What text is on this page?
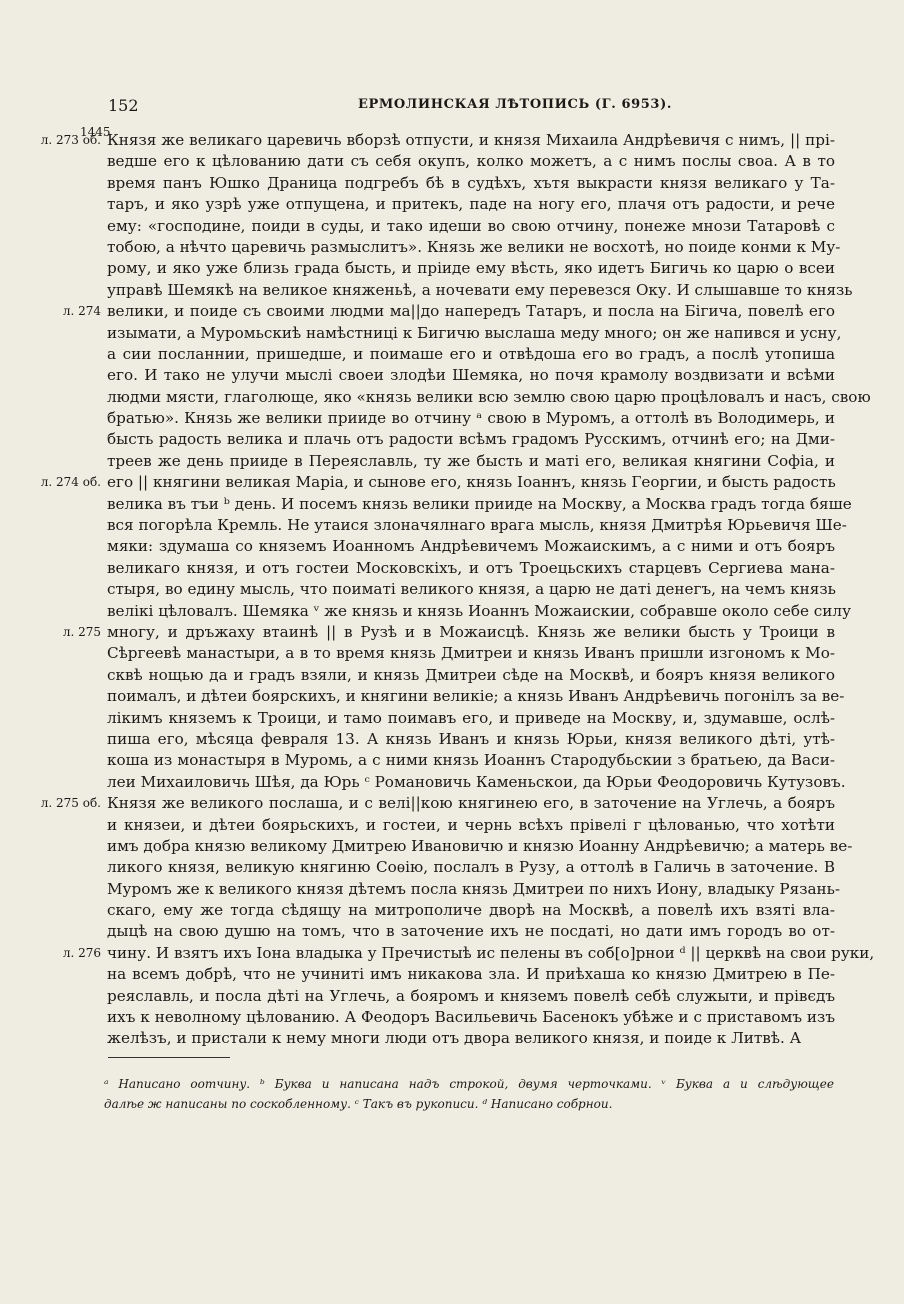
152	ЕРМОЛИНСКАЯ ЛѢТОПИСЬ (Г. 6953).
1445
л. 273 об. Князя же великаго царевичь вборзѣ отпусти, и князя Михаила Андрѣевичя с нимъ, || прі-
ведше его к цѣлованию дати съ себя окупъ, колко можетъ, а с нимъ послы своа. А в то
время панъ Юшко Драница подгребъ бѣ в судѣхъ, хътя выкрасти князя великаго у Та-
таръ, и яко узрѣ уже отпущена, и притекъ, паде на ногу его, плачя отъ радости, и рече
ему: «господине, поиди в суды, и тако идеши во свою отчину, понеже мнози Татаровѣ с
тобою, а нѣчто царевичь размыслитъ». Князь же велики не восхотѣ, но поиде конми к Му-
рому, и яко уже близь града бысть, и пріиде ему вѣсть, яко идетъ Бигичь ко царю о всеи
управѣ Шемякѣ на великое княженьѣ, а ночевати ему перевезся Оку. И слышавше то князь
л. 274 велики, и поиде съ своими людми ма||до напередъ Татаръ, и посла на Бігича, повелѣ его
изымати, а Муромьскиѣ намѣстниці к Бигичю выслаша меду много; он же напився и усну,
а сии посланнии, пришедше, и поимаше его и отвѣдоша его во градъ, а послѣ утопиша
его. И тако не улучи мыслі своеи злодѣи Шемяка, но почя крамолу воздвизати и всѣми
людми мясти, глаголюще, яко «князь велики всю землю свою царю процѣловалъ и насъ, свою
братью». Князь же велики прииде во отчину ᵃ свою в Муромъ, а оттолѣ въ Володимерь, и
бысть радость велика и плачь отъ радости всѣмъ градомъ Русскимъ, отчинѣ его; на Дми-
треев же день прииде в Переяславль, ту же бысть и маті его, великая княгини Софіа, и
л. 274 об. его || княгини великая Маріа, и сынове его, князь Іоаннъ, князь Георгии, и бысть радость
велика въ тъи ᵇ день. И посемъ князь велики прииде на Москву, а Москва градъ тогда бяше
вся погорѣла Кремль. Не утаися злоначялнаго врага мысль, князя Дмитрѣя Юрьевичя Ше-
мяки: здумаша со княземъ Иоанномъ Андрѣевичемъ Можаискимъ, а с ними и отъ бояръ
великаго князя, и отъ гостеи Московскіхъ, и отъ Троецьскихъ старцевъ Сергиева мана-
стыря, во едину мысль, что поиматі великого князя, а царю не даті денегъ, на чемъ князь
велікі цѣловалъ. Шемяка ᵛ же князь и князь Иоаннъ Можаискии, собравше около себе силу
л. 275 многу, и дръжаху втаинѣ || в Рузѣ и в Можаисцѣ. Князь же велики бысть у Троици в
Сѣргеевѣ манастыри, а в то время князь Дмитреи и князь Иванъ пришли изгономъ к Мо-
сквѣ нощью да и градъ взяли, и князь Дмитреи сѣде на Москвѣ, и бояръ князя великого
поималъ, и дѣтеи боярскихъ, и княгини великіе; а князь Иванъ Андрѣевичь погонілъ за ве-
лікимъ княземъ к Троици, и тамо поимавъ его, и приведе на Москву, и, здумавше, ослѣ-
пиша его, мѣсяца февраля 13. А князь Иванъ и князь Юрьи, князя великого дѣті, утѣ-
коша из монастыря в Муромь, а с ними князь Иоаннъ Стародубьскии з братьею, да Васи-
леи Михаиловичь Шѣя, да Юрь ᶜ Романовичь Каменьскои, да Юрьи Феодоровичь Кутузовъ.
л. 275 об. Князя же великого послаша, и с велі||кою княгинею его, в заточение на Углечь, а бояръ
и князеи, и дѣтеи боярьскихъ, и гостеи, и чернь всѣхъ прівелі г цѣлованью, что хотѣти
имъ добра князю великому Дмитрею Ивановичю и князю Иоанну Андрѣевичю; а матерь ве-
ликого князя, великую княгиню Соѳію, послалъ в Рузу, а оттолѣ в Галичь в заточение. В
Муромъ же к великого князя дѣтемъ посла князь Дмитреи по нихъ Иону, владыку Рязань-
скаго, ему же тогда сѣдящу на митрополиче дворѣ на Москвѣ, а повелѣ ихъ взяті вла-
дыцѣ на свою душю на томъ, что в заточение ихъ не посдаті, но дати имъ городъ во от-
л. 276 чину. И взятъ ихъ Іона владыка у Пречистыѣ ис пелены въ соб[о]рнои ᵈ || церквѣ на свои руки,
на всемъ добрѣ, что не учиниті имъ никакова зла. И приѣхаша ко князю Дмитрею в Пе-
реяславль, и посла дѣті на Углечь, а бояромъ и княземъ повелѣ себѣ служыти, и прівєдъ
ихъ к неволному цѣлованию. А Феодоръ Васильевичь Басенокъ убѣже и с приставомъ изъ
желѣзъ, и пристали к нему многи люди отъ двора великого князя, и поиде к Литвѣ. А
ᵃ Написано оотчину. ᵇ Буква и написана надъ строкой, двумя черточками. ᵛ Буква а и слѣдующее
далѣе ж написаны по соскобленному. ᶜ Такъ въ рукописи. ᵈ Написано собрнои.
